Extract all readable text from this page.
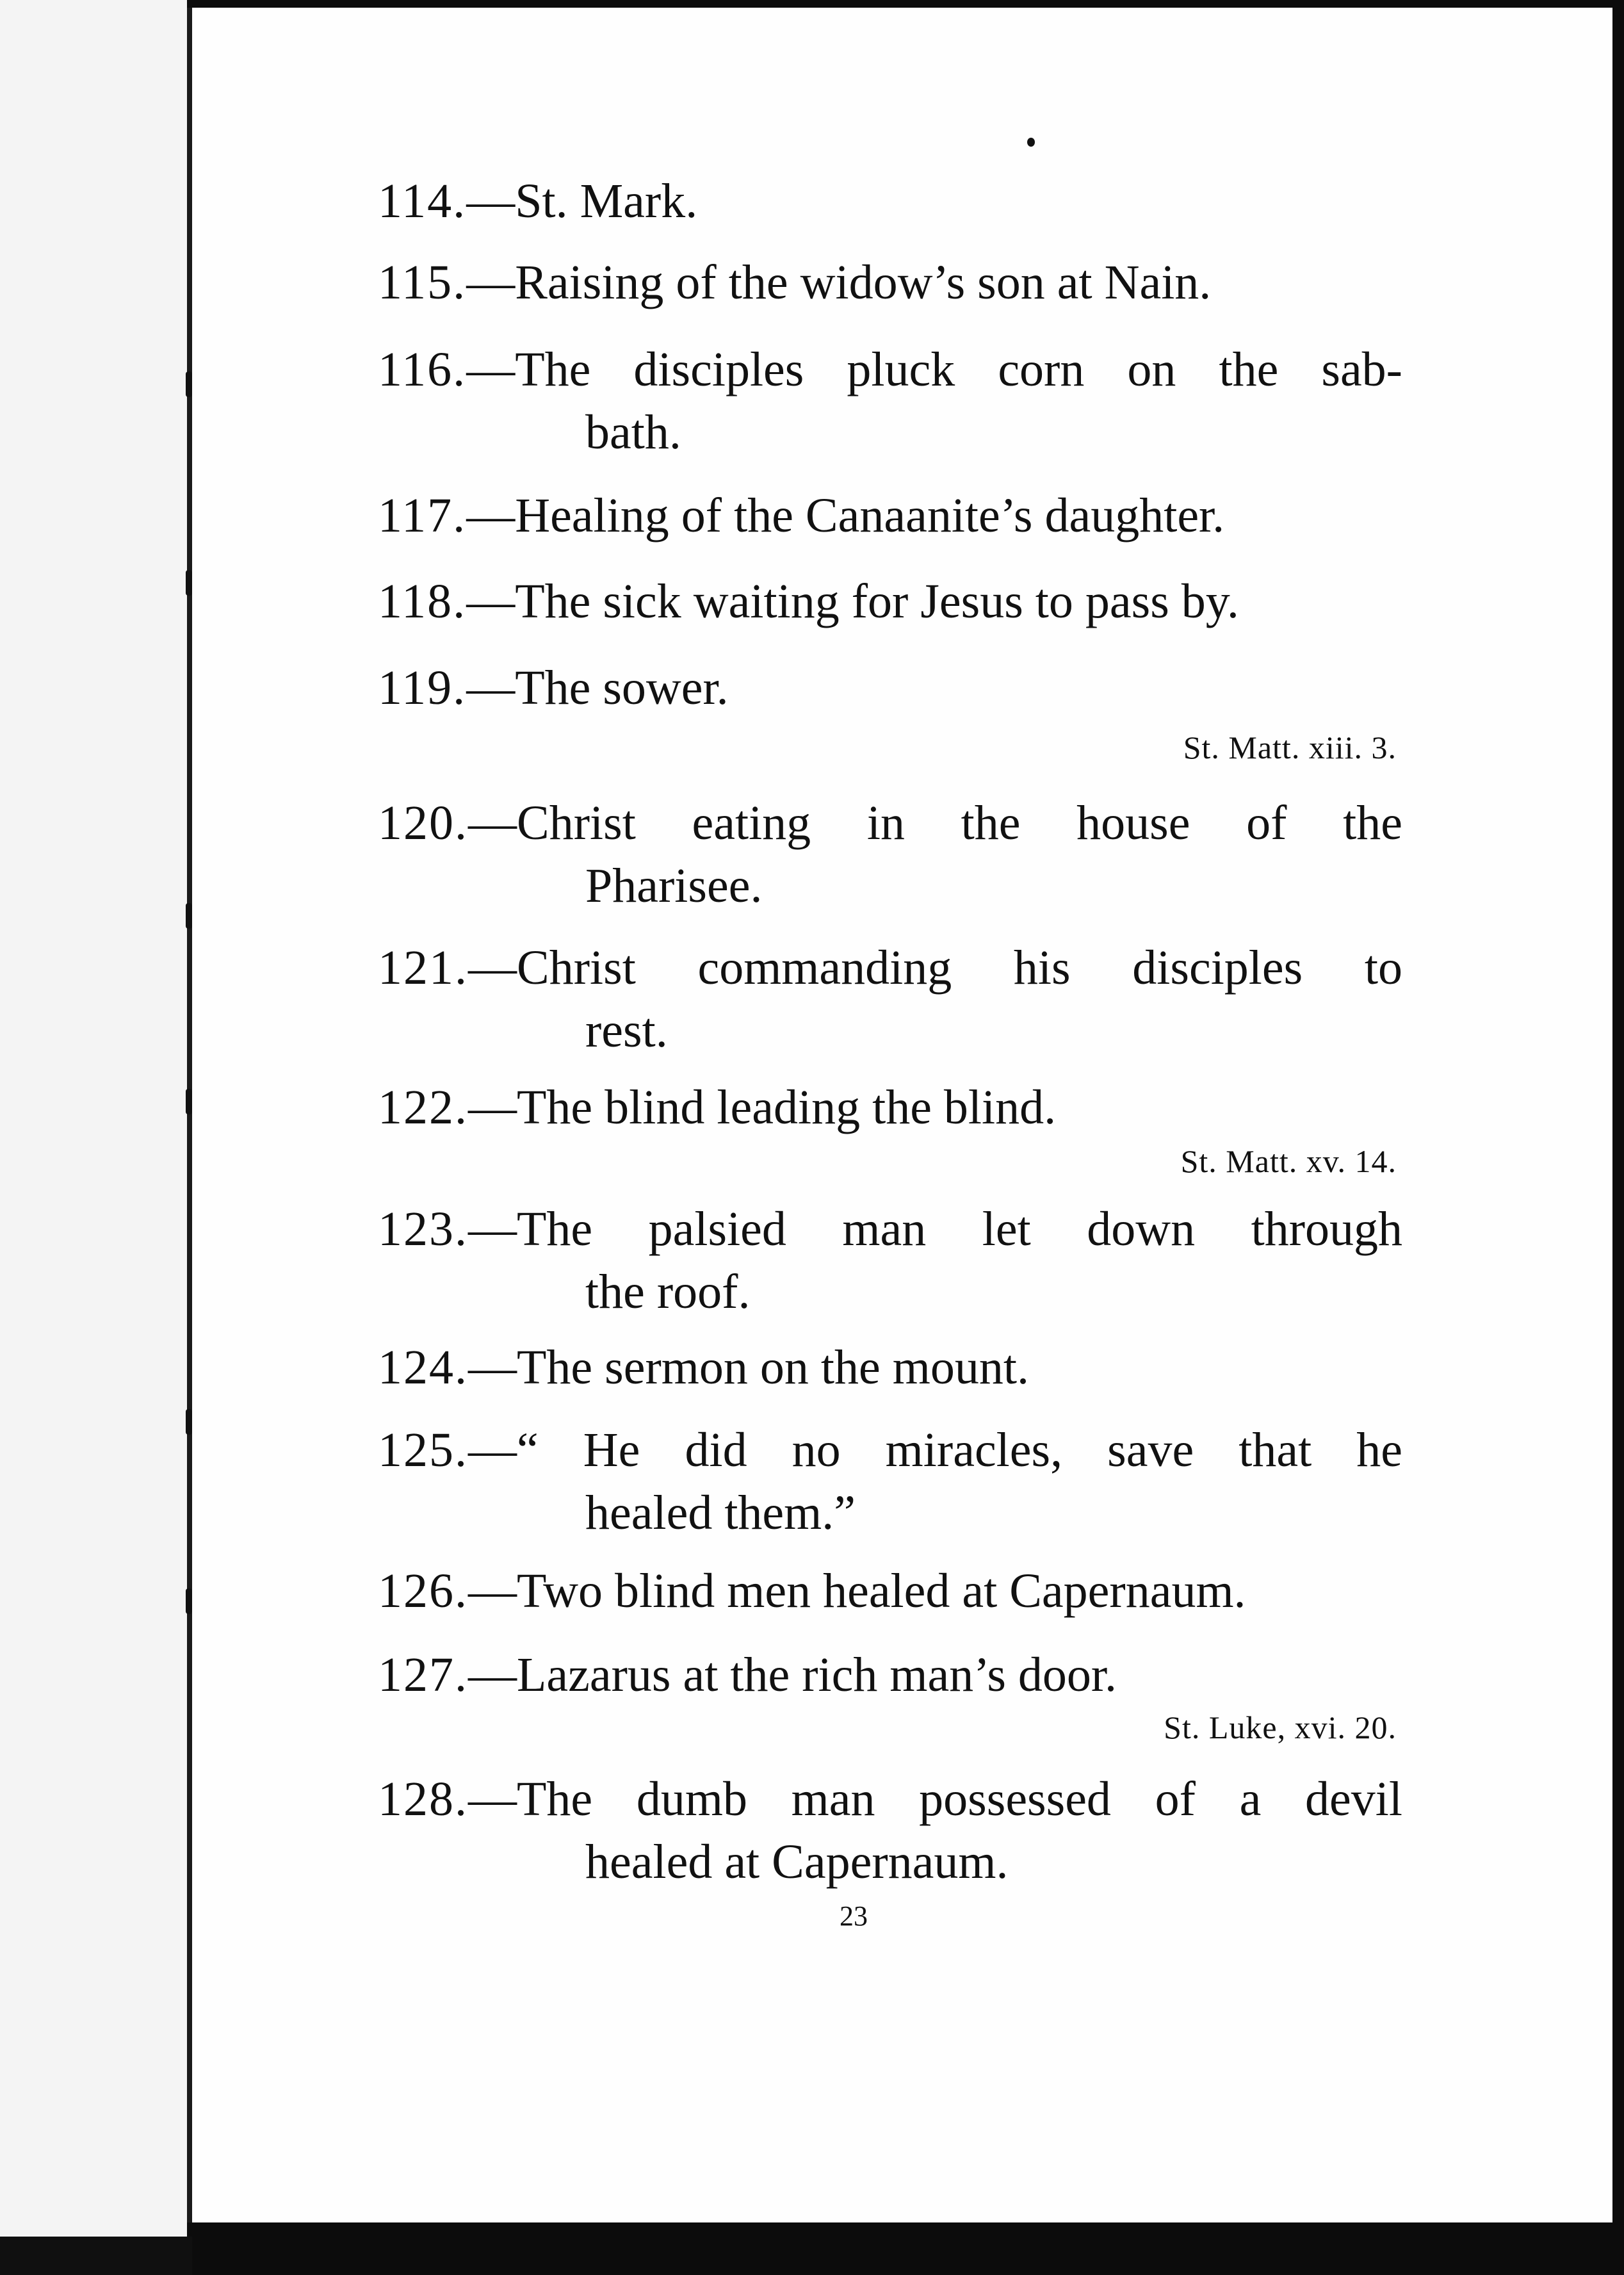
114.—St. Mark.
115.—Raising of the widow’s son at Nain.
116.—The disciples pluck corn on the sab-
bath.
117.—Healing of the Canaanite’s daughter.
118.—The sick waiting for Jesus to pass by.
119.—The sower.
St. Matt. xiii. 3.
120.—Christ eating in the house of the
Pharisee.
121.—Christ commanding his disciples to
rest.
122.—The blind leading the blind.
St. Matt. xv. 14.
123.—The palsied man let down through
the roof.
124.—The sermon on the mount.
125.—“ He did no miracles, save that he
healed them.”
126.—Two blind men healed at Capernaum.
127.—Lazarus at the rich man’s door.
St. Luke, xvi. 20.
128.—The dumb man possessed of a devil
healed at Capernaum.
23
